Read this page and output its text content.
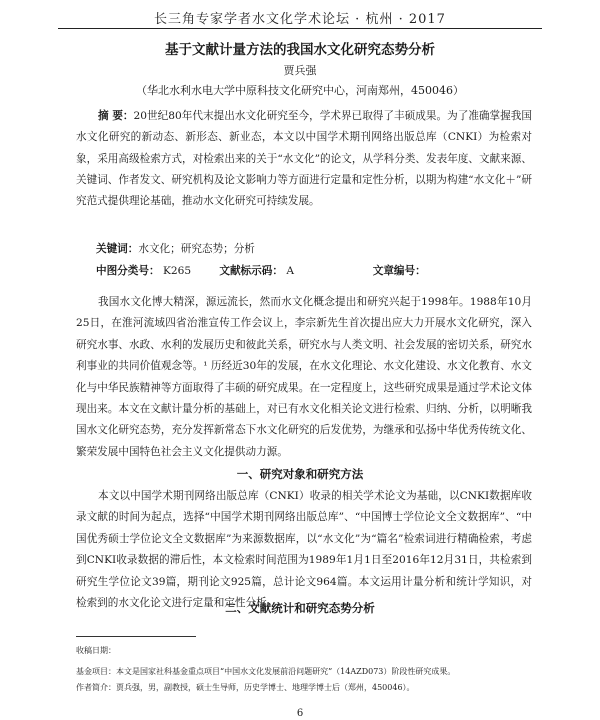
长三角专家学者水文化学术论坛 · 杭州 · 2017
基于文献计量方法的我国水文化研究态势分析
贾兵强
（华北水利水电大学中原科技文化研究中心，河南郑州，450046）
摘 要：20世纪80年代末提出水文化研究至今，学术界已取得了丰硕成果。为了准确掌握我国水文化研究的新动态、新形态、新业态，本文以中国学术期刊网络出版总库（CNKI）为检索对象，采用高级检索方式，对检索出来的关于“水文化”的论文，从学科分类、发表年度、文献来源、关键词、作者发文、研究机构及论文影响力等方面进行定量和定性分析，以期为构建“水文化＋”研究范式提供理论基础，推动水文化研究可持续发展。
关键词：水文化；研究态势；分析
中图分类号： K265	文献标示码： A	文章编号：
我国水文化博大精深，源远流长，然而水文化概念提出和研究兴起于1998年。1988年10月25日，在淮河流域四省治淮宣传工作会议上，李宗新先生首次提出应大力开展水文化研究，深入研究水事、水政、水利的发展历史和彼此关系，研究水与人类文明、社会发展的密切关系，研究水利事业的共同价值观念等。¹ 历经近30年的发展，在水文化理论、水文化建设、水文化教育、水文化与中华民族精神等方面取得了丰硕的研究成果。在一定程度上，这些研究成果是通过学术论文体现出来。本文在文献计量分析的基础上，对已有水文化相关论文进行检索、归纳、分析，以明晰我国水文化研究态势，充分发挥新常态下水文化研究的后发优势，为继承和弘扬中华优秀传统文化、繁荣发展中国特色社会主义文化提供动力源。
一、研究对象和研究方法
本文以中国学术期刊网络出版总库（CNKI）收录的相关学术论文为基础，以CNKI数据库收录文献的时间为起点，选择“中国学术期刊网络出版总库”、“中国博士学位论文全文数据库”、“中国优秀硕士学位论文全文数据库”为来源数据库，以“水文化”为“篇名”检索词进行精确检索，考虑到CNKI收录数据的滞后性，本文检索时间范围为1989年1月1日至2016年12月31日，共检索到研究生学位论文39篇，期刊论文925篇，总计论文964篇。本文运用计量分析和统计学知识，对检索到的水文化论文进行定量和定性分析。
二、文献统计和研究态势分析
收稿日期：
基金项目：本文是国家社科基金重点项目“中国水文化发展前沿问题研究”（14AZD073）阶段性研究成果。
作者简介：贾兵强，男，副教授，硕士生导师，历史学博士、地理学博士后（郑州，450046）。
6
